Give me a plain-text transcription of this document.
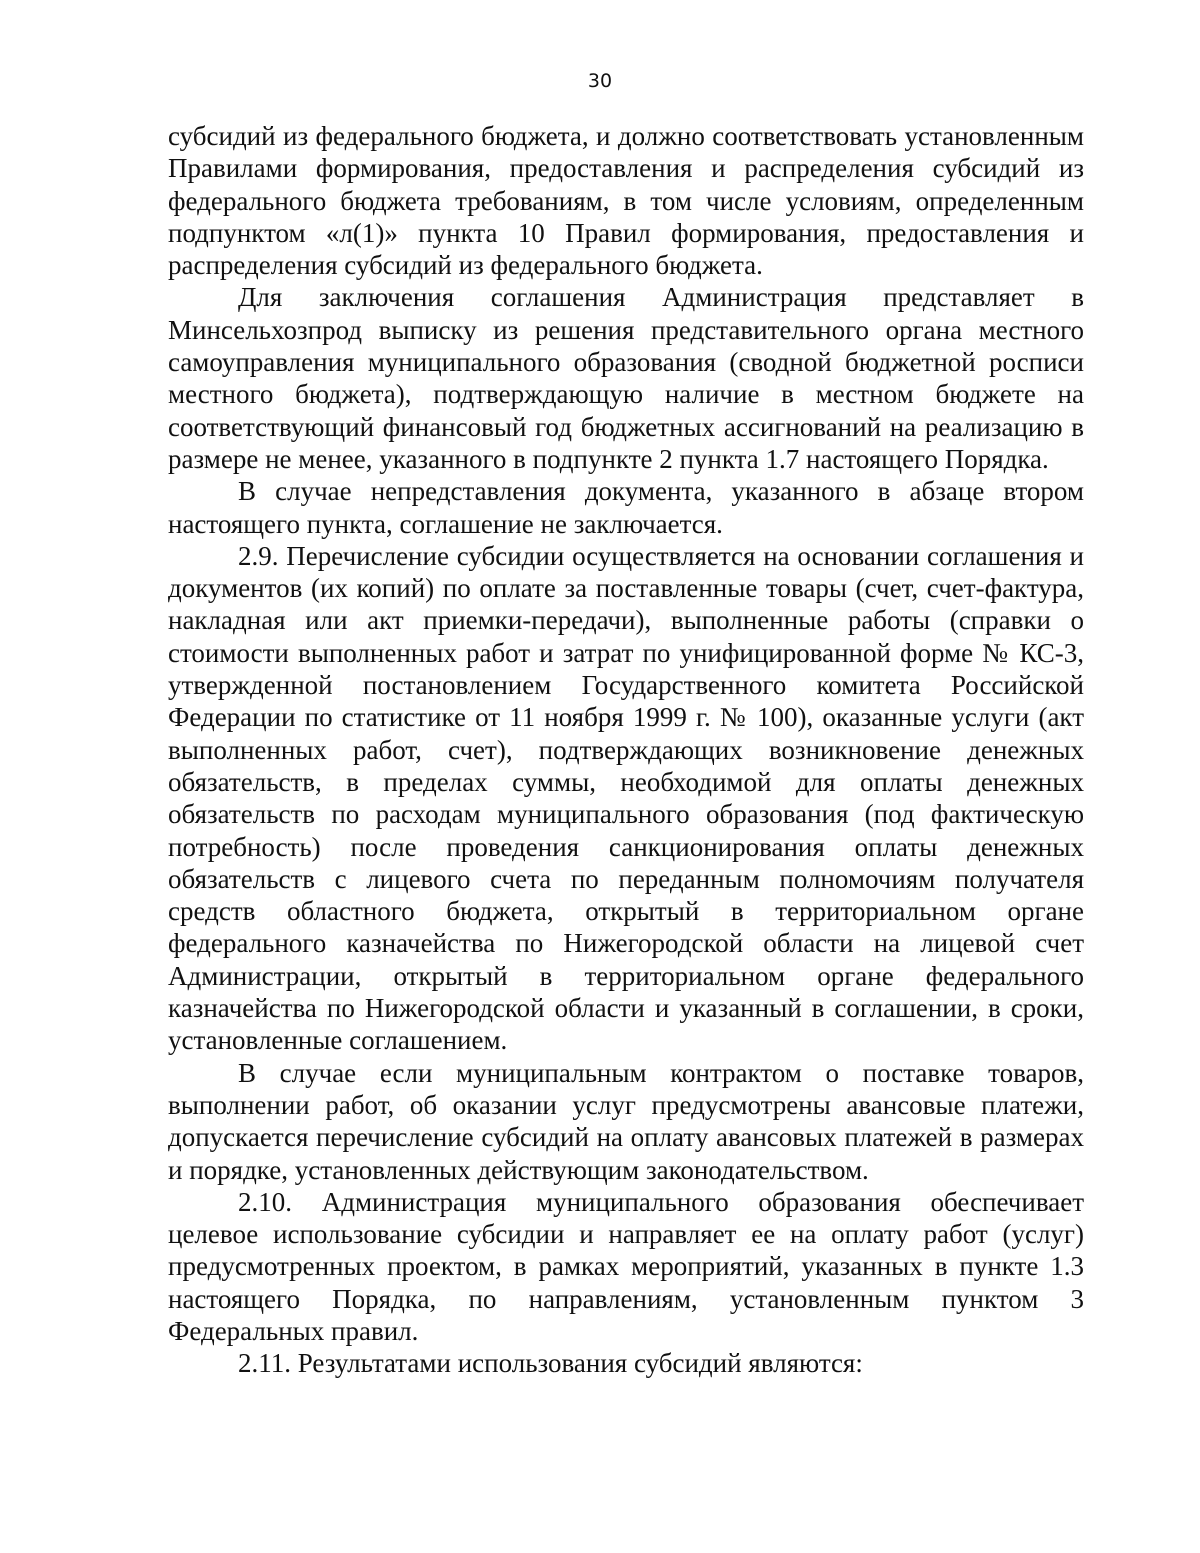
30

субсидий из федерального бюджета, и должно соответствовать установленным Правилами формирования, предоставления и распределения субсидий из федерального бюджета требованиям, в том числе условиям, определенным подпунктом «л(1)» пункта 10 Правил формирования, предоставления и распределения субсидий из федерального бюджета.

Для заключения соглашения Администрация представляет в Минсельхозпрод выписку из решения представительного органа местного самоуправления муниципального образования (сводной бюджетной росписи местного бюджета), подтверждающую наличие в местном бюджете на соответствующий финансовый год бюджетных ассигнований на реализацию в размере не менее, указанного в подпункте 2 пункта 1.7 настоящего Порядка.

В случае непредставления документа, указанного в абзаце втором настоящего пункта, соглашение не заключается.

2.9. Перечисление субсидии осуществляется на основании соглашения и документов (их копий) по оплате за поставленные товары (счет, счет-фактура, накладная или акт приемки-передачи), выполненные работы (справки о стоимости выполненных работ и затрат по унифицированной форме № КС-3, утвержденной постановлением Государственного комитета Российской Федерации по статистике от 11 ноября 1999 г. № 100), оказанные услуги (акт выполненных работ, счет), подтверждающих возникновение денежных обязательств, в пределах суммы, необходимой для оплаты денежных обязательств по расходам муниципального образования (под фактическую потребность) после проведения санкционирования оплаты денежных обязательств с лицевого счета по переданным полномочиям получателя средств областного бюджета, открытый в территориальном органе федерального казначейства по Нижегородской области на лицевой счет Администрации, открытый в территориальном органе федерального казначейства по Нижегородской области и указанный в соглашении, в сроки, установленные соглашением.

В случае если муниципальным контрактом о поставке товаров, выполнении работ, об оказании услуг предусмотрены авансовые платежи, допускается перечисление субсидий на оплату авансовых платежей в размерах и порядке, установленных действующим законодательством.

2.10. Администрация муниципального образования обеспечивает целевое использование субсидии и направляет ее на оплату работ (услуг) предусмотренных проектом, в рамках мероприятий, указанных в пункте 1.3 настоящего Порядка, по направлениям, установленным пунктом 3 Федеральных правил.

2.11. Результатами использования субсидий являются:
